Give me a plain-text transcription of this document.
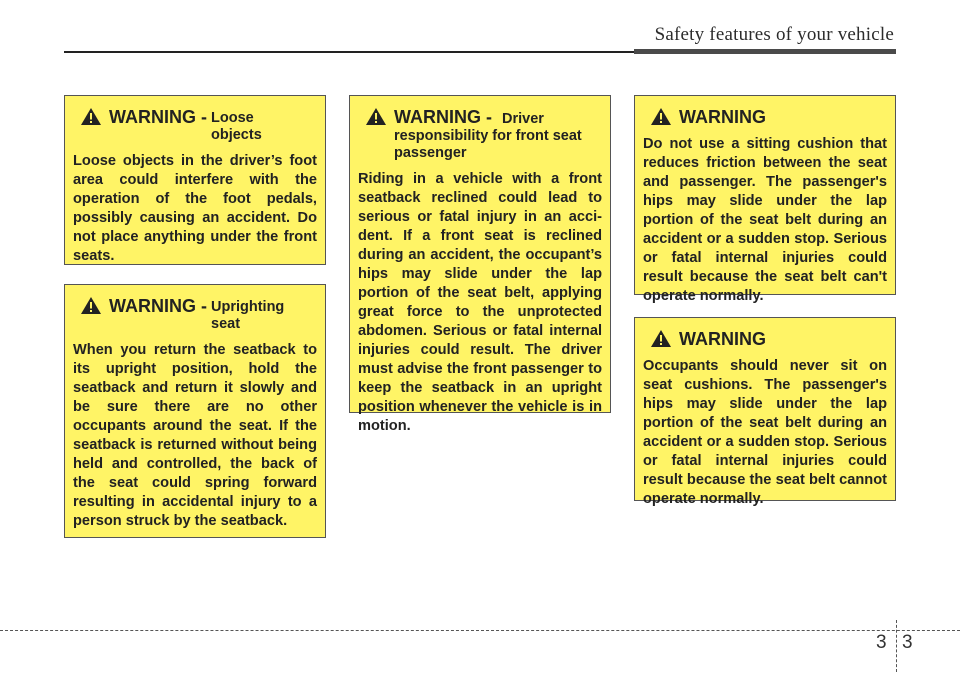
Safety features of your vehicle
WARNING - Loose objects
Loose objects in the driver’s foot area could interfere with the operation of the foot pedals, possibly causing an accident. Do not place anything under the front seats.
WARNING - Uprighting seat
When you return the seatback to its upright position, hold the seatback and return it slowly and be sure there are no other occupants around the seat. If the seatback is returned without being held and controlled, the back of the seat could spring forward resulting in accidental injury to a person struck by the seatback.
WARNING - Driver responsibility for front seat passenger
Riding in a vehicle with a front seatback reclined could lead to serious or fatal injury in an accident. If a front seat is reclined during an accident, the occupant’s hips may slide under the lap portion of the seat belt, applying great force to the unprotected abdomen. Serious or fatal internal injuries could result. The driver must advise the front passenger to keep the seatback in an upright position whenever the vehicle is in motion.
WARNING
Do not use a sitting cushion that reduces friction between the seat and passenger. The passenger's hips may slide under the lap portion of the seat belt during an accident or a sudden stop. Serious or fatal internal injuries could result because the seat belt can't operate normally.
WARNING
Occupants should never sit on seat cushions. The passenger's hips may slide under the lap portion of the seat belt during an accident or a sudden stop. Serious or fatal internal injuries could result because the seat belt cannot operate normally.
3 3
